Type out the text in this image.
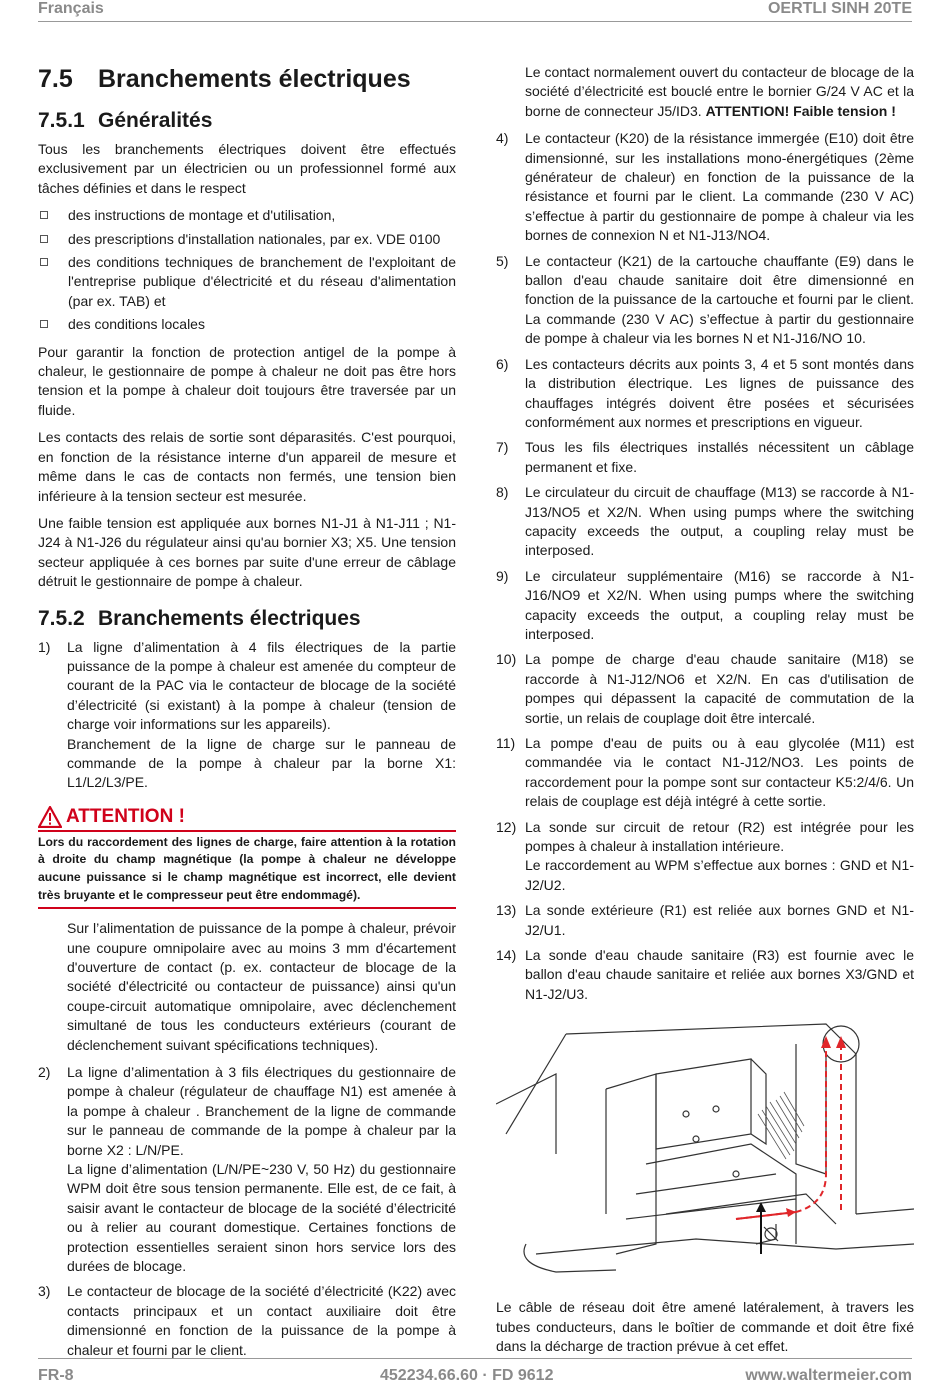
Français	OERTLI SINH 20TE
7.5 Branchements électriques
7.5.1 Généralités

Tous les branchements électriques doivent être effectués exclusivement par un électricien ou un professionnel formé aux tâches définies et dans le respect

des instructions de montage et d'utilisation,
des prescriptions d'installation nationales, par ex. VDE 0100
des conditions techniques de branchement de l'exploitant de l'entreprise publique d'électricité et du réseau d'alimentation (par ex. TAB) et
des conditions locales

Pour garantir la fonction de protection antigel de la pompe à chaleur, le gestionnaire de pompe à chaleur ne doit pas être hors tension et la pompe à chaleur doit toujours être traversée par un fluide.

Les contacts des relais de sortie sont déparasités. C'est pourquoi, en fonction de la résistance interne d'un appareil de mesure et même dans le cas de contacts non fermés, une tension bien inférieure à la tension secteur est mesurée.

Une faible tension est appliquée aux bornes N1-J1 à N1-J11 ; N1-J24 à N1-J26 du régulateur ainsi qu'au bornier X3; X5. Une tension secteur appliquée à ces bornes par suite d'une erreur de câblage détruit le gestionnaire de pompe à chaleur.

7.5.2 Branchements électriques
1) La ligne d’alimentation à 4 fils électriques de la partie puissance de la pompe à chaleur est amenée du compteur de courant de la PAC via le contacteur de blocage de la société d’électricité (si existant) à la pompe à chaleur (tension de charge voir informations sur les appareils).
Branchement de la ligne de charge sur le panneau de commande de la pompe à chaleur par la borne X1: L1/L2/L3/PE.
ATTENTION !
Lors du raccordement des lignes de charge, faire attention à la rotation à droite du champ magnétique (la pompe à chaleur ne développe aucune puissance si le champ magnétique est incorrect, elle devient très bruyante et le compresseur peut être endommagé).

Sur l’alimentation de puissance de la pompe à chaleur, prévoir une coupure omnipolaire avec au moins 3 mm d'écartement d'ouverture de contact (p. ex. contacteur de blocage de la société d'électricité ou contacteur de puissance) ainsi qu'un coupe-circuit automatique omnipolaire, avec déclenchement simultané de tous les conducteurs extérieurs (courant de déclenchement suivant spécifications techniques).

2) La ligne d’alimentation à 3 fils électriques du gestionnaire de pompe à chaleur (régulateur de chauffage N1) est amenée à la pompe à chaleur . Branchement de la ligne de commande sur le panneau de commande de la pompe à chaleur par la borne X2 : L/N/PE.
La ligne d’alimentation (L/N/PE~230 V, 50 Hz) du gestionnaire WPM doit être sous tension permanente. Elle est, de ce fait, à saisir avant le contacteur de blocage de la société d’électricité ou à relier au courant domestique. Certaines fonctions de protection essentielles seraient sinon hors service lors des durées de blocage.
3) Le contacteur de blocage de la société d’électricité (K22) avec contacts principaux et un contact auxiliaire doit être dimensionné en fonction de la puissance de la pompe à chaleur et fourni par le client.

Le contact normalement ouvert du contacteur de blocage de la société d’électricité est bouclé entre le bornier G/24 V AC et la borne de connecteur J5/ID3. ATTENTION! Faible tension !

4) Le contacteur (K20) de la résistance immergée (E10) doit être dimensionné, sur les installations mono-énergétiques (2ème générateur de chaleur) en fonction de la puissance de la résistance et fourni par le client. La commande (230 V AC) s’effectue à partir du gestionnaire de pompe à chaleur via les bornes de connexion N et N1-J13/NO4.
5) Le contacteur (K21) de la cartouche chauffante (E9) dans le ballon d'eau chaude sanitaire doit être dimensionné en fonction de la puissance de la cartouche et fourni par le client. La commande (230 V AC) s’effectue à partir du gestionnaire de pompe à chaleur via les bornes N et N1-J16/NO 10.
6) Les contacteurs décrits aux points 3, 4 et 5 sont montés dans la distribution électrique. Les lignes de puissance des chauffages intégrés doivent être posées et sécurisées conformément aux normes et prescriptions en vigueur.
7) Tous les fils électriques installés nécessitent un câblage permanent et fixe.
8) Le circulateur du circuit de chauffage (M13) se raccorde à N1-J13/NO5 et X2/N. When using pumps where the switching capacity exceeds the output, a coupling relay must be interposed.
9) Le circulateur supplémentaire (M16) se raccorde à N1-J16/NO9 et X2/N. When using pumps where the switching capacity exceeds the output, a coupling relay must be interposed.
10) La pompe de charge d'eau chaude sanitaire (M18) se raccorde à N1-J12/NO6 et X2/N. En cas d'utilisation de pompes qui dépassent la capacité de commutation de la sortie, un relais de couplage doit être intercalé.
11) La pompe d'eau de puits ou à eau glycolée (M11) est commandée via le contact N1-J12/NO3. Les points de raccordement pour la pompe sont sur contacteur K5:2/4/6. Un relais de couplage est déjà intégré à cette sortie.
12) La sonde sur circuit de retour (R2) est intégrée pour les pompes à chaleur à installation intérieure.
Le raccordement au WPM s’effectue aux bornes : GND et N1-J2/U2.
13) La sonde extérieure (R1) est reliée aux bornes GND et N1-J2/U1.
14) La sonde d'eau chaude sanitaire (R3) est fournie avec le ballon d'eau chaude sanitaire et reliée aux bornes X3/GND et N1-J2/U3.

Le câble de réseau doit être amené latéralement, à travers les tubes conducteurs, dans le boîtier de commande et doit être fixé dans la décharge de traction prévue à cet effet.

FR-8	452234.66.60 · FD 9612	www.waltermeier.com
